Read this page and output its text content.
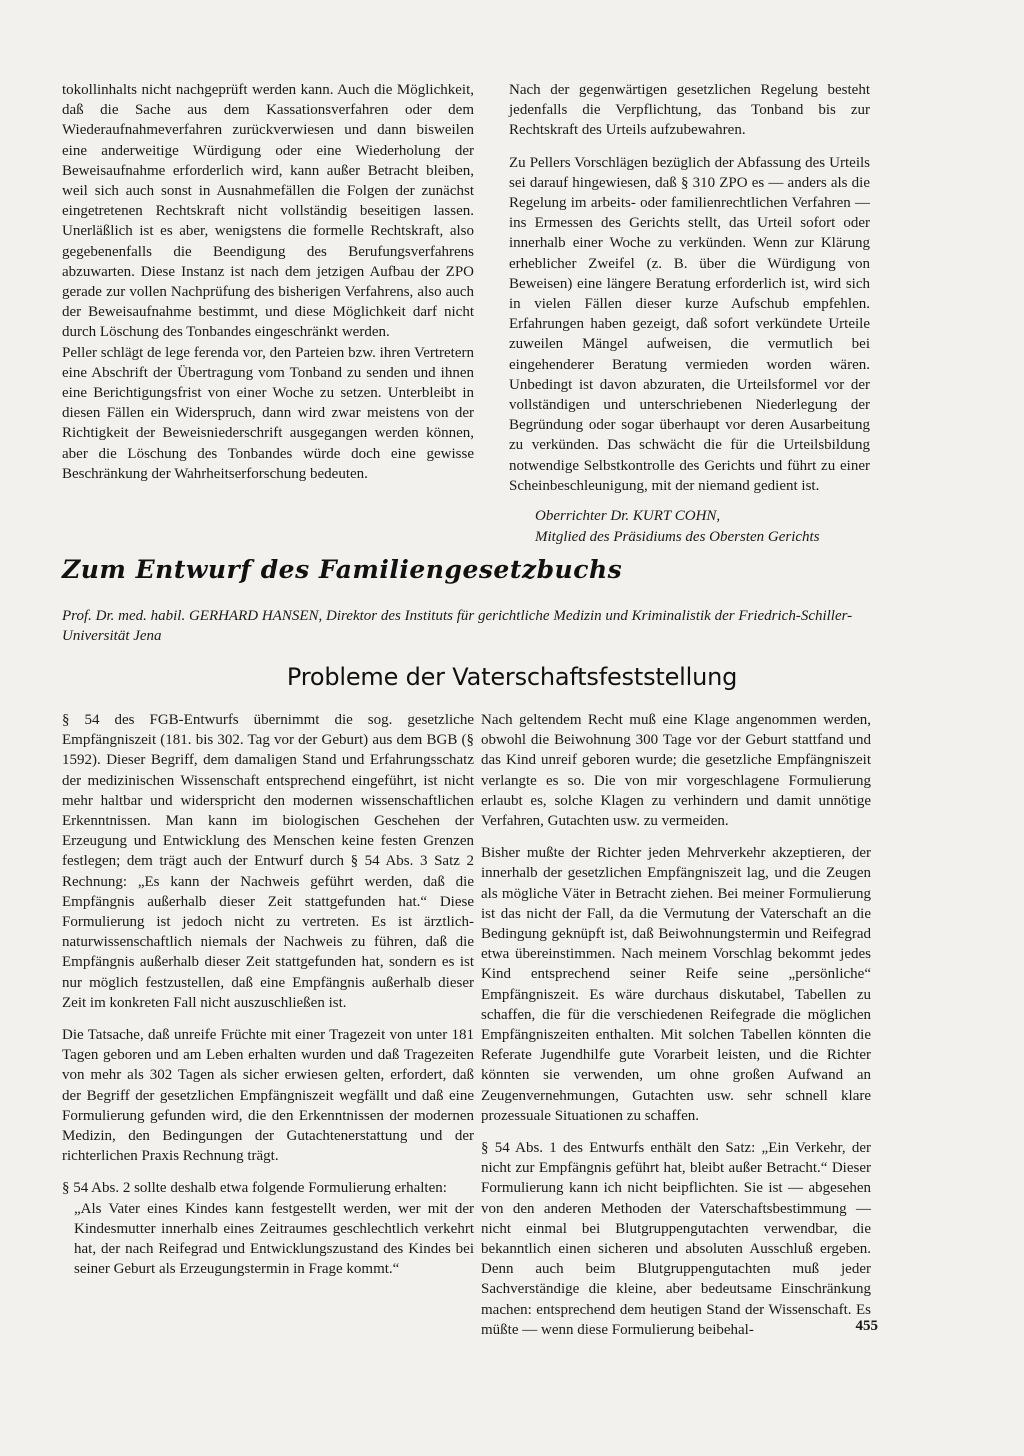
tokollinhalts nicht nachgeprüft werden kann. Auch die Möglichkeit, daß die Sache aus dem Kassationsverfahren oder dem Wiederaufnahmeverfahren zurückverwiesen und dann bisweilen eine anderweitige Würdigung oder eine Wiederholung der Beweisaufnahme erforderlich wird, kann außer Betracht bleiben, weil sich auch sonst in Ausnahmefällen die Folgen der zunächst eingetretenen Rechtskraft nicht vollständig beseitigen lassen. Unerläßlich ist es aber, wenigstens die formelle Rechtskraft, also gegebenenfalls die Beendigung des Berufungsverfahrens abzuwarten. Diese Instanz ist nach dem jetzigen Aufbau der ZPO gerade zur vollen Nachprüfung des bisherigen Verfahrens, also auch der Beweisaufnahme bestimmt, und diese Möglichkeit darf nicht durch Löschung des Tonbandes eingeschränkt werden.

Peller schlägt de lege ferenda vor, den Parteien bzw. ihren Vertretern eine Abschrift der Übertragung vom Tonband zu senden und ihnen eine Berichtigungsfrist von einer Woche zu setzen. Unterbleibt in diesen Fällen ein Widerspruch, dann wird zwar meistens von der Richtigkeit der Beweisniederschrift ausgegangen werden können, aber die Löschung des Tonbandes würde doch eine gewisse Beschränkung der Wahrheitserforschung bedeuten.

Nach der gegenwärtigen gesetzlichen Regelung besteht jedenfalls die Verpflichtung, das Tonband bis zur Rechtskraft des Urteils aufzubewahren.

Zu Pellers Vorschlägen bezüglich der Abfassung des Urteils sei darauf hingewiesen, daß § 310 ZPO es — anders als die Regelung im arbeits- oder familienrechtlichen Verfahren — ins Ermessen des Gerichts stellt, das Urteil sofort oder innerhalb einer Woche zu verkünden. Wenn zur Klärung erheblicher Zweifel (z. B. über die Würdigung von Beweisen) eine längere Beratung erforderlich ist, wird sich in vielen Fällen dieser kurze Aufschub empfehlen. Erfahrungen haben gezeigt, daß sofort verkündete Urteile zuweilen Mängel aufweisen, die vermutlich bei eingehenderer Beratung vermieden worden wären. Unbedingt ist davon abzuraten, die Urteilsformel vor der vollständigen und unterschriebenen Niederlegung der Begründung oder sogar überhaupt vor deren Ausarbeitung zu verkünden. Das schwächt die für die Urteilsbildung notwendige Selbstkontrolle des Gerichts und führt zu einer Scheinbeschleunigung, mit der niemand gedient ist.

Oberrichter Dr. KURT COHN,
Mitglied des Präsidiums des Obersten Gerichts
Zum Entwurf des Familiengesetzbuchs
Prof. Dr. med. habil. GERHARD HANSEN, Direktor des Instituts für gerichtliche Medizin und Kriminalistik der Friedrich-Schiller-Universität Jena
Probleme der Vaterschaftsfeststellung

§ 54 des FGB-Entwurfs übernimmt die sog. gesetzliche Empfängniszeit (181. bis 302. Tag vor der Geburt) aus dem BGB (§ 1592). Dieser Begriff, dem damaligen Stand und Erfahrungsschatz der medizinischen Wissenschaft entsprechend eingeführt, ist nicht mehr haltbar und widerspricht den modernen wissenschaftlichen Erkenntnissen. Man kann im biologischen Geschehen der Erzeugung und Entwicklung des Menschen keine festen Grenzen festlegen; dem trägt auch der Entwurf durch § 54 Abs. 3 Satz 2 Rechnung: „Es kann der Nachweis geführt werden, daß die Empfängnis außerhalb dieser Zeit stattgefunden hat.“ Diese Formulierung ist jedoch nicht zu vertreten. Es ist ärztlich-naturwissenschaftlich niemals der Nachweis zu führen, daß die Empfängnis außerhalb dieser Zeit stattgefunden hat, sondern es ist nur möglich festzustellen, daß eine Empfängnis außerhalb dieser Zeit im konkreten Fall nicht auszuschließen ist.

Die Tatsache, daß unreife Früchte mit einer Tragezeit von unter 181 Tagen geboren und am Leben erhalten wurden und daß Tragezeiten von mehr als 302 Tagen als sicher erwiesen gelten, erfordert, daß der Begriff der gesetzlichen Empfängniszeit wegfällt und daß eine Formulierung gefunden wird, die den Erkenntnissen der modernen Medizin, den Bedingungen der Gutachtenerstattung und der richterlichen Praxis Rechnung trägt.

§ 54 Abs. 2 sollte deshalb etwa folgende Formulierung erhalten:

„Als Vater eines Kindes kann festgestellt werden, wer mit der Kindesmutter innerhalb eines Zeitraumes geschlechtlich verkehrt hat, der nach Reifegrad und Entwicklungszustand des Kindes bei seiner Geburt als Erzeugungstermin in Frage kommt.“

Nach geltendem Recht muß eine Klage angenommen werden, obwohl die Beiwohnung 300 Tage vor der Geburt stattfand und das Kind unreif geboren wurde; die gesetzliche Empfängniszeit verlangte es so. Die von mir vorgeschlagene Formulierung erlaubt es, solche Klagen zu verhindern und damit unnötige Verfahren, Gutachten usw. zu vermeiden.

Bisher mußte der Richter jeden Mehrverkehr akzeptieren, der innerhalb der gesetzlichen Empfängniszeit lag, und die Zeugen als mögliche Väter in Betracht ziehen. Bei meiner Formulierung ist das nicht der Fall, da die Vermutung der Vaterschaft an die Bedingung geknüpft ist, daß Beiwohnungstermin und Reifegrad etwa übereinstimmen. Nach meinem Vorschlag bekommt jedes Kind entsprechend seiner Reife seine „persönliche“ Empfängniszeit. Es wäre durchaus diskutabel, Tabellen zu schaffen, die für die verschiedenen Reifegrade die möglichen Empfängniszeiten enthalten. Mit solchen Tabellen könnten die Referate Jugendhilfe gute Vorarbeit leisten, und die Richter könnten sie verwenden, um ohne großen Aufwand an Zeugenvernehmungen, Gutachten usw. sehr schnell klare prozessuale Situationen zu schaffen.

§ 54 Abs. 1 des Entwurfs enthält den Satz: „Ein Verkehr, der nicht zur Empfängnis geführt hat, bleibt außer Betracht.“ Dieser Formulierung kann ich nicht beipflichten. Sie ist — abgesehen von den anderen Methoden der Vaterschaftsbestimmung — nicht einmal bei Blutgruppengutachten verwendbar, die bekanntlich einen sicheren und absoluten Ausschluß ergeben. Denn auch beim Blutgruppengutachten muß jeder Sachverständige die kleine, aber bedeutsame Einschränkung machen: entsprechend dem heutigen Stand der Wissenschaft. Es müßte — wenn diese Formulierung beibehal-	455
